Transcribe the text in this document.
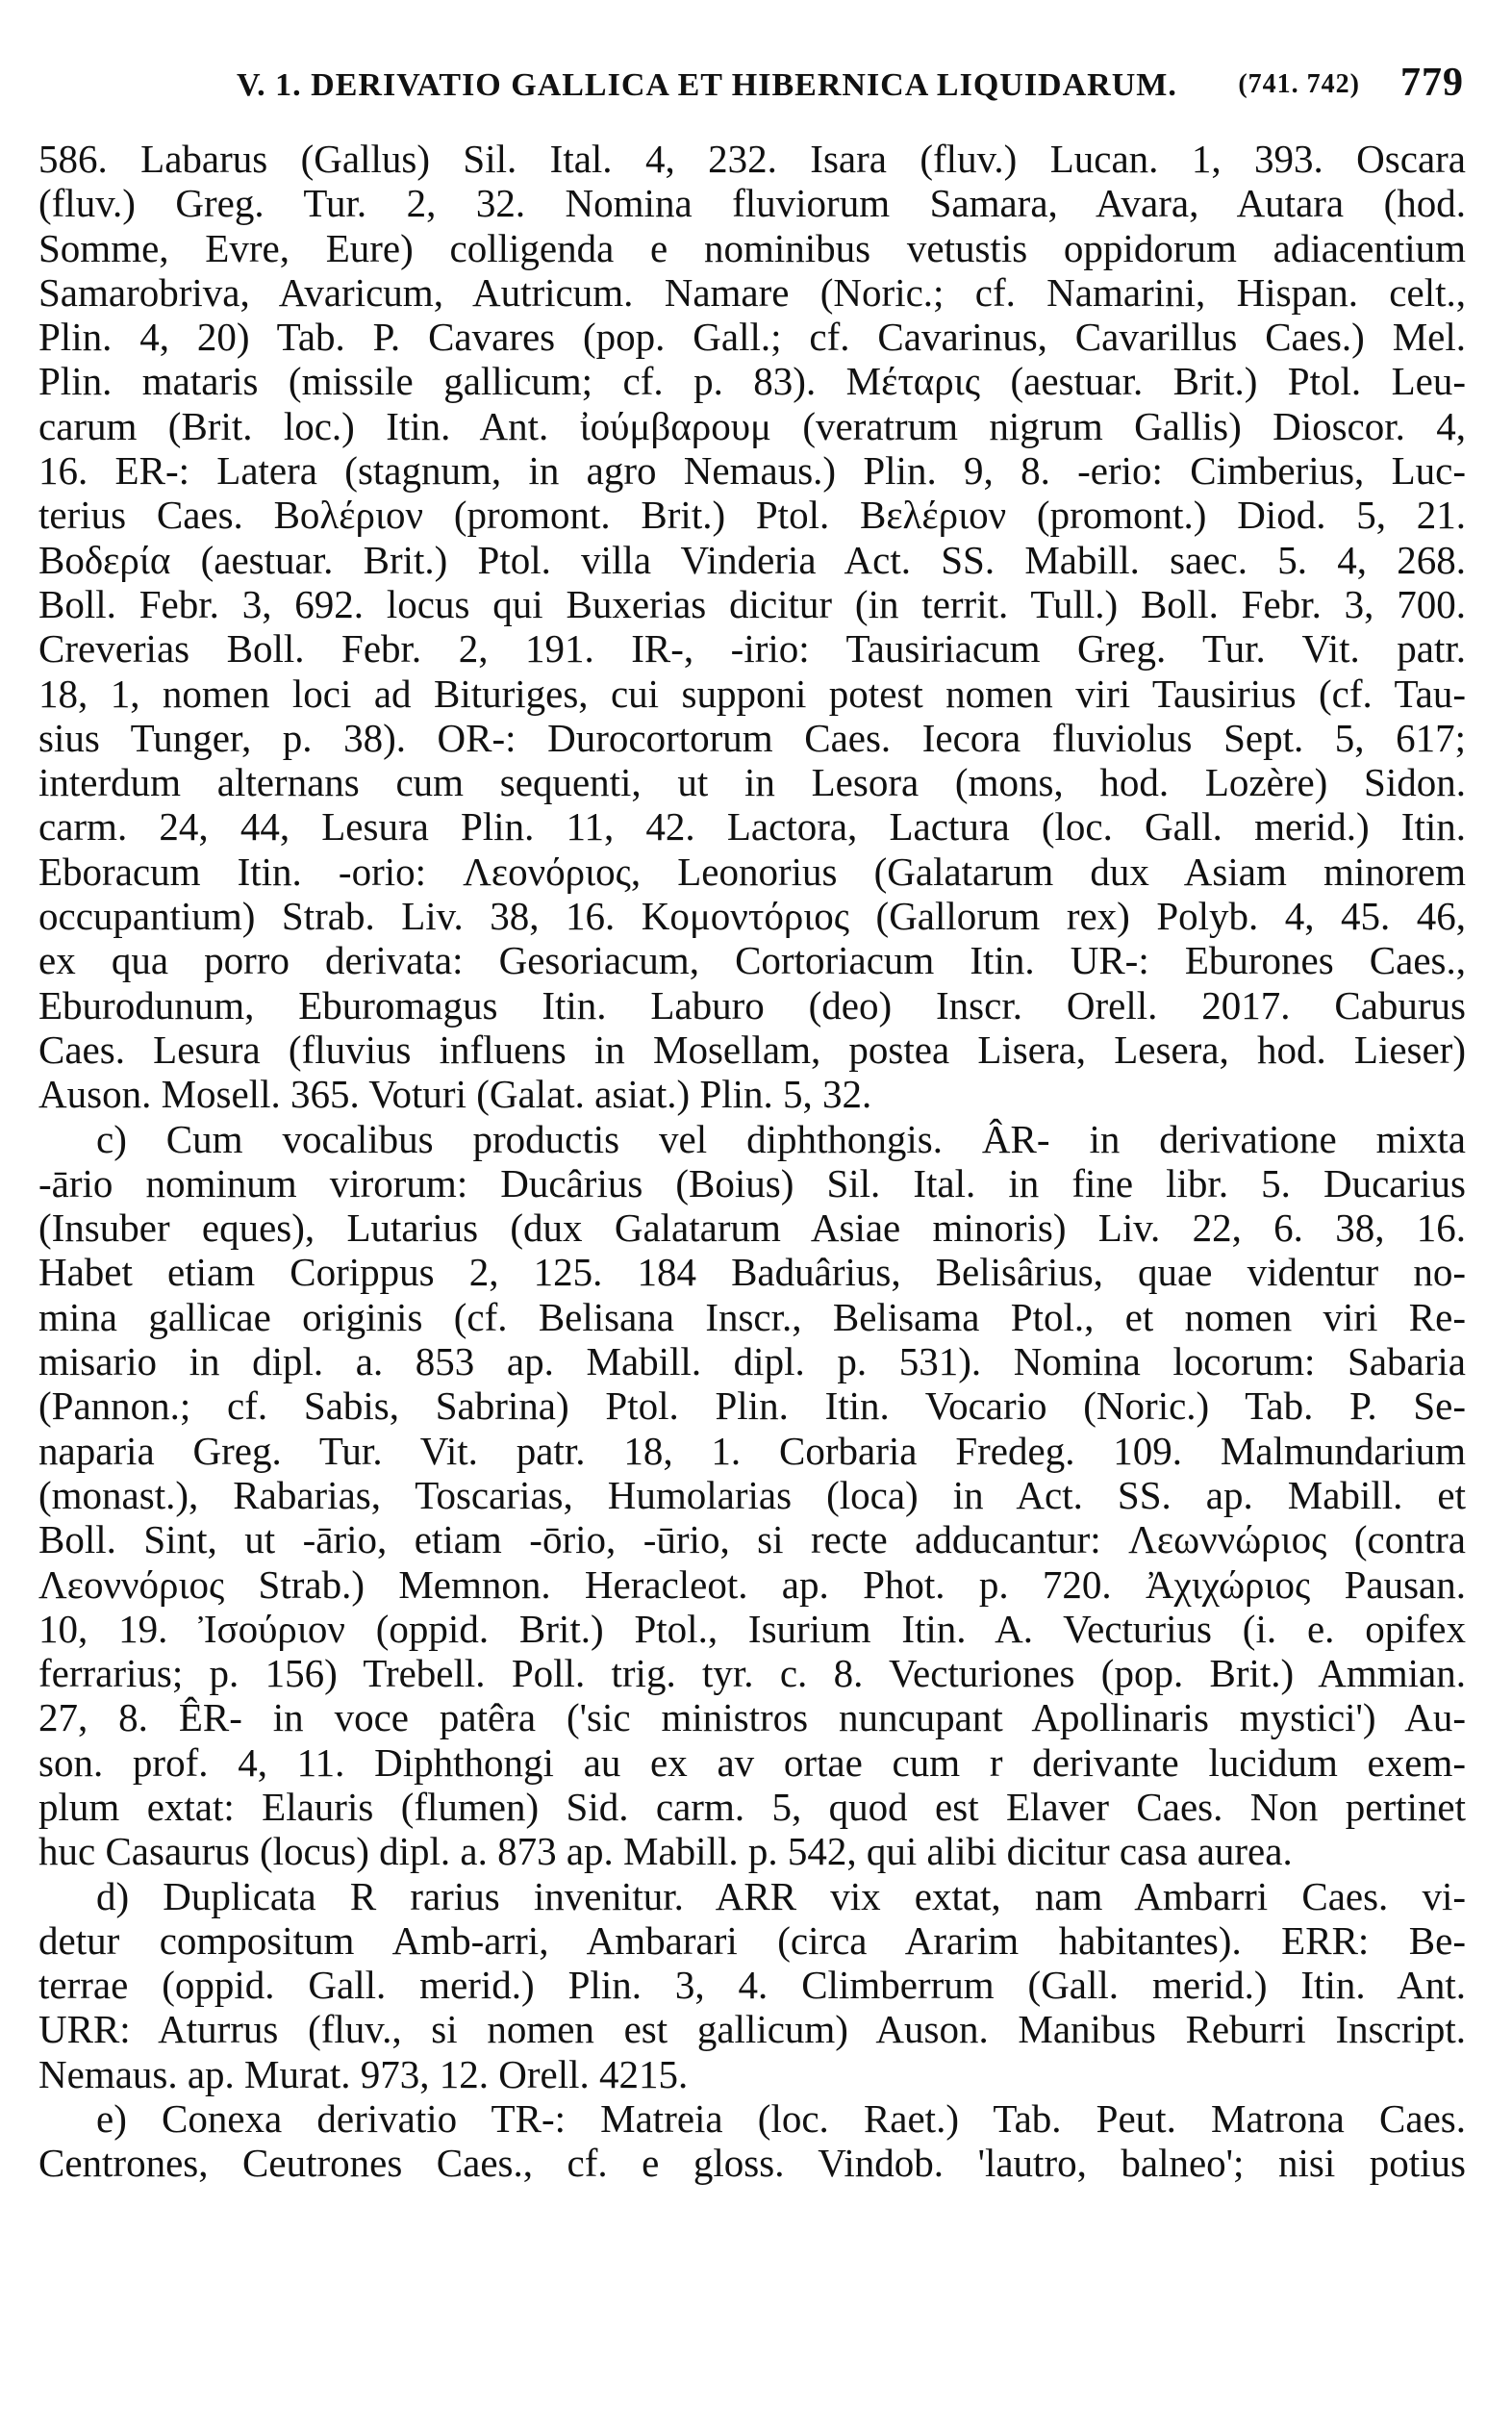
V. 1. DERIVATIO GALLICA ET HIBERNICA LIQUIDARUM. (741. 742) 779
586. Labarus (Gallus) Sil. Ital. 4, 232. Isara (fluv.) Lucan. 1, 393. Oscara
(fluv.) Greg. Tur. 2, 32. Nomina fluviorum Samara, Avara, Autara (hod.
Somme, Evre, Eure) colligenda e nominibus vetustis oppidorum adiacentium
Samarobriva, Avaricum, Autricum. Namare (Noric.; cf. Namarini, Hispan. celt.,
Plin. 4, 20) Tab. P. Cavares (pop. Gall.; cf. Cavarinus, Cavarillus Caes.) Mel.
Plin. mataris (missile gallicum; cf. p. 83). Μέταρις (aestuar. Brit.) Ptol. Leu-
carum (Brit. loc.) Itin. Ant. ἰούμβαρουμ (veratrum nigrum Gallis) Dioscor. 4,
16. ER-: Latera (stagnum, in agro Nemaus.) Plin. 9, 8. -erio: Cimberius, Luc-
terius Caes. Βολέριον (promont. Brit.) Ptol. Βελέριον (promont.) Diod. 5, 21.
Βοδερία (aestuar. Brit.) Ptol. villa Vinderia Act. SS. Mabill. saec. 5. 4, 268.
Boll. Febr. 3, 692. locus qui Buxerias dicitur (in territ. Tull.) Boll. Febr. 3, 700.
Creverias Boll. Febr. 2, 191. IR-, -irio: Tausiriacum Greg. Tur. Vit. patr.
18, 1, nomen loci ad Bituriges, cui supponi potest nomen viri Tausirius (cf. Tau-
sius Tunger, p. 38). OR-: Durocortorum Caes. Iecora fluviolus Sept. 5, 617;
interdum alternans cum sequenti, ut in Lesora (mons, hod. Lozère) Sidon.
carm. 24, 44, Lesura Plin. 11, 42. Lactora, Lactura (loc. Gall. merid.) Itin.
Eboracum Itin. -orio: Λεονόριος, Leonorius (Galatarum dux Asiam minorem
occupantium) Strab. Liv. 38, 16. Κομοντόριος (Gallorum rex) Polyb. 4, 45. 46,
ex qua porro derivata: Gesoriacum, Cortoriacum Itin. UR-: Eburones Caes.,
Eburodunum, Eburomagus Itin. Laburo (deo) Inscr. Orell. 2017. Caburus
Caes. Lesura (fluvius influens in Mosellam, postea Lisera, Lesera, hod. Lieser)
Auson. Mosell. 365. Voturi (Galat. asiat.) Plin. 5, 32.
c) Cum vocalibus productis vel diphthongis. ÂR- in derivatione mixta
-ārio nominum virorum: Ducârius (Boius) Sil. Ital. in fine libr. 5. Ducarius
(Insuber eques), Lutarius (dux Galatarum Asiae minoris) Liv. 22, 6. 38, 16.
Habet etiam Corippus 2, 125. 184 Baduârius, Belisârius, quae videntur no-
mina gallicae originis (cf. Belisana Inscr., Belisama Ptol., et nomen viri Re-
misario in dipl. a. 853 ap. Mabill. dipl. p. 531). Nomina locorum: Sabaria
(Pannon.; cf. Sabis, Sabrina) Ptol. Plin. Itin. Vocario (Noric.) Tab. P. Se-
naparia Greg. Tur. Vit. patr. 18, 1. Corbaria Fredeg. 109. Malmundarium
(monast.), Rabarias, Toscarias, Humolarias (loca) in Act. SS. ap. Mabill. et
Boll. Sint, ut -ārio, etiam -ōrio, -ūrio, si recte adducantur: Λεωννώριος (contra
Λεοννόριος Strab.) Memnon. Heracleot. ap. Phot. p. 720. Ἀχιχώριος Pausan.
10, 19. Ἰσούριον (oppid. Brit.) Ptol., Isurium Itin. A. Vecturius (i. e. opifex
ferrarius; p. 156) Trebell. Poll. trig. tyr. c. 8. Vecturiones (pop. Brit.) Ammian.
27, 8. ÊR- in voce patêra ('sic ministros nuncupant Apollinaris mystici') Au-
son. prof. 4, 11. Diphthongi au ex av ortae cum r derivante lucidum exem-
plum extat: Elauris (flumen) Sid. carm. 5, quod est Elaver Caes. Non pertinet
huc Casaurus (locus) dipl. a. 873 ap. Mabill. p. 542, qui alibi dicitur casa aurea.
d) Duplicata R rarius invenitur. ARR vix extat, nam Ambarri Caes. vi-
detur compositum Amb-arri, Ambarari (circa Ararim habitantes). ERR: Be-
terrae (oppid. Gall. merid.) Plin. 3, 4. Climberrum (Gall. merid.) Itin. Ant.
URR: Aturrus (fluv., si nomen est gallicum) Auson. Manibus Reburri Inscript.
Nemaus. ap. Murat. 973, 12. Orell. 4215.
e) Conexa derivatio TR-: Matreia (loc. Raet.) Tab. Peut. Matrona Caes.
Centrones, Ceutrones Caes., cf. e gloss. Vindob. 'lautro, balneo'; nisi potius
